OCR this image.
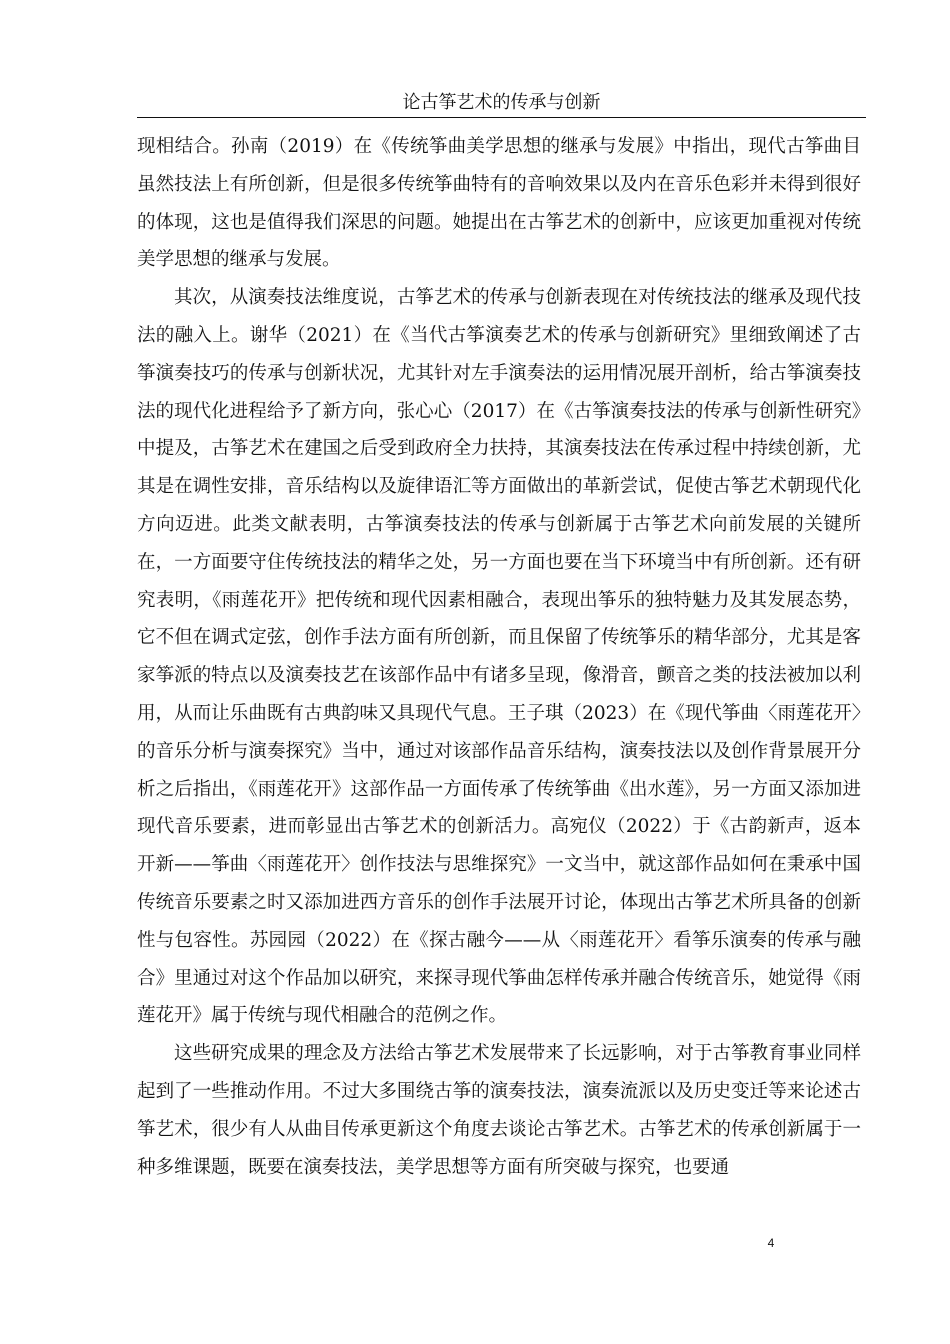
论古筝艺术的传承与创新

现相结合。孙南（2019）在《传统筝曲美学思想的继承与发展》中指出，现代古筝曲目虽然技法上有所创新，但是很多传统筝曲特有的音响效果以及内在音乐色彩并未得到很好的体现，这也是值得我们深思的问题。她提出在古筝艺术的创新中，应该更加重视对传统美学思想的继承与发展。

其次，从演奏技法维度说，古筝艺术的传承与创新表现在对传统技法的继承及现代技法的融入上。谢华（2021）在《当代古筝演奏艺术的传承与创新研究》里细致阐述了古筝演奏技巧的传承与创新状况，尤其针对左手演奏法的运用情况展开剖析，给古筝演奏技法的现代化进程给予了新方向，张心心（2017）在《古筝演奏技法的传承与创新性研究》中提及，古筝艺术在建国之后受到政府全力扶持，其演奏技法在传承过程中持续创新，尤其是在调性安排，音乐结构以及旋律语汇等方面做出的革新尝试，促使古筝艺术朝现代化方向迈进。此类文献表明，古筝演奏技法的传承与创新属于古筝艺术向前发展的关键所在，一方面要守住传统技法的精华之处，另一方面也要在当下环境当中有所创新。还有研究表明，《雨莲花开》把传统和现代因素相融合，表现出筝乐的独特魅力及其发展态势，它不但在调式定弦，创作手法方面有所创新，而且保留了传统筝乐的精华部分，尤其是客家筝派的特点以及演奏技艺在该部作品中有诸多呈现，像滑音，颤音之类的技法被加以利用，从而让乐曲既有古典韵味又具现代气息。王子琪（2023）在《现代筝曲〈雨莲花开〉的音乐分析与演奏探究》当中，通过对该部作品音乐结构，演奏技法以及创作背景展开分析之后指出，《雨莲花开》这部作品一方面传承了传统筝曲《出水莲》，另一方面又添加进现代音乐要素，进而彰显出古筝艺术的创新活力。高宛仪（2022）于《古韵新声，返本开新——筝曲〈雨莲花开〉创作技法与思维探究》一文当中，就这部作品如何在秉承中国传统音乐要素之时又添加进西方音乐的创作手法展开讨论，体现出古筝艺术所具备的创新性与包容性。苏园园（2022）在《探古融今——从〈雨莲花开〉看筝乐演奏的传承与融合》里通过对这个作品加以研究，来探寻现代筝曲怎样传承并融合传统音乐，她觉得《雨莲花开》属于传统与现代相融合的范例之作。

这些研究成果的理念及方法给古筝艺术发展带来了长远影响，对于古筝教育事业同样起到了一些推动作用。不过大多围绕古筝的演奏技法，演奏流派以及历史变迁等来论述古筝艺术，很少有人从曲目传承更新这个角度去谈论古筝艺术。古筝艺术的传承创新属于一种多维课题，既要在演奏技法，美学思想等方面有所突破与探究，也要通

4
